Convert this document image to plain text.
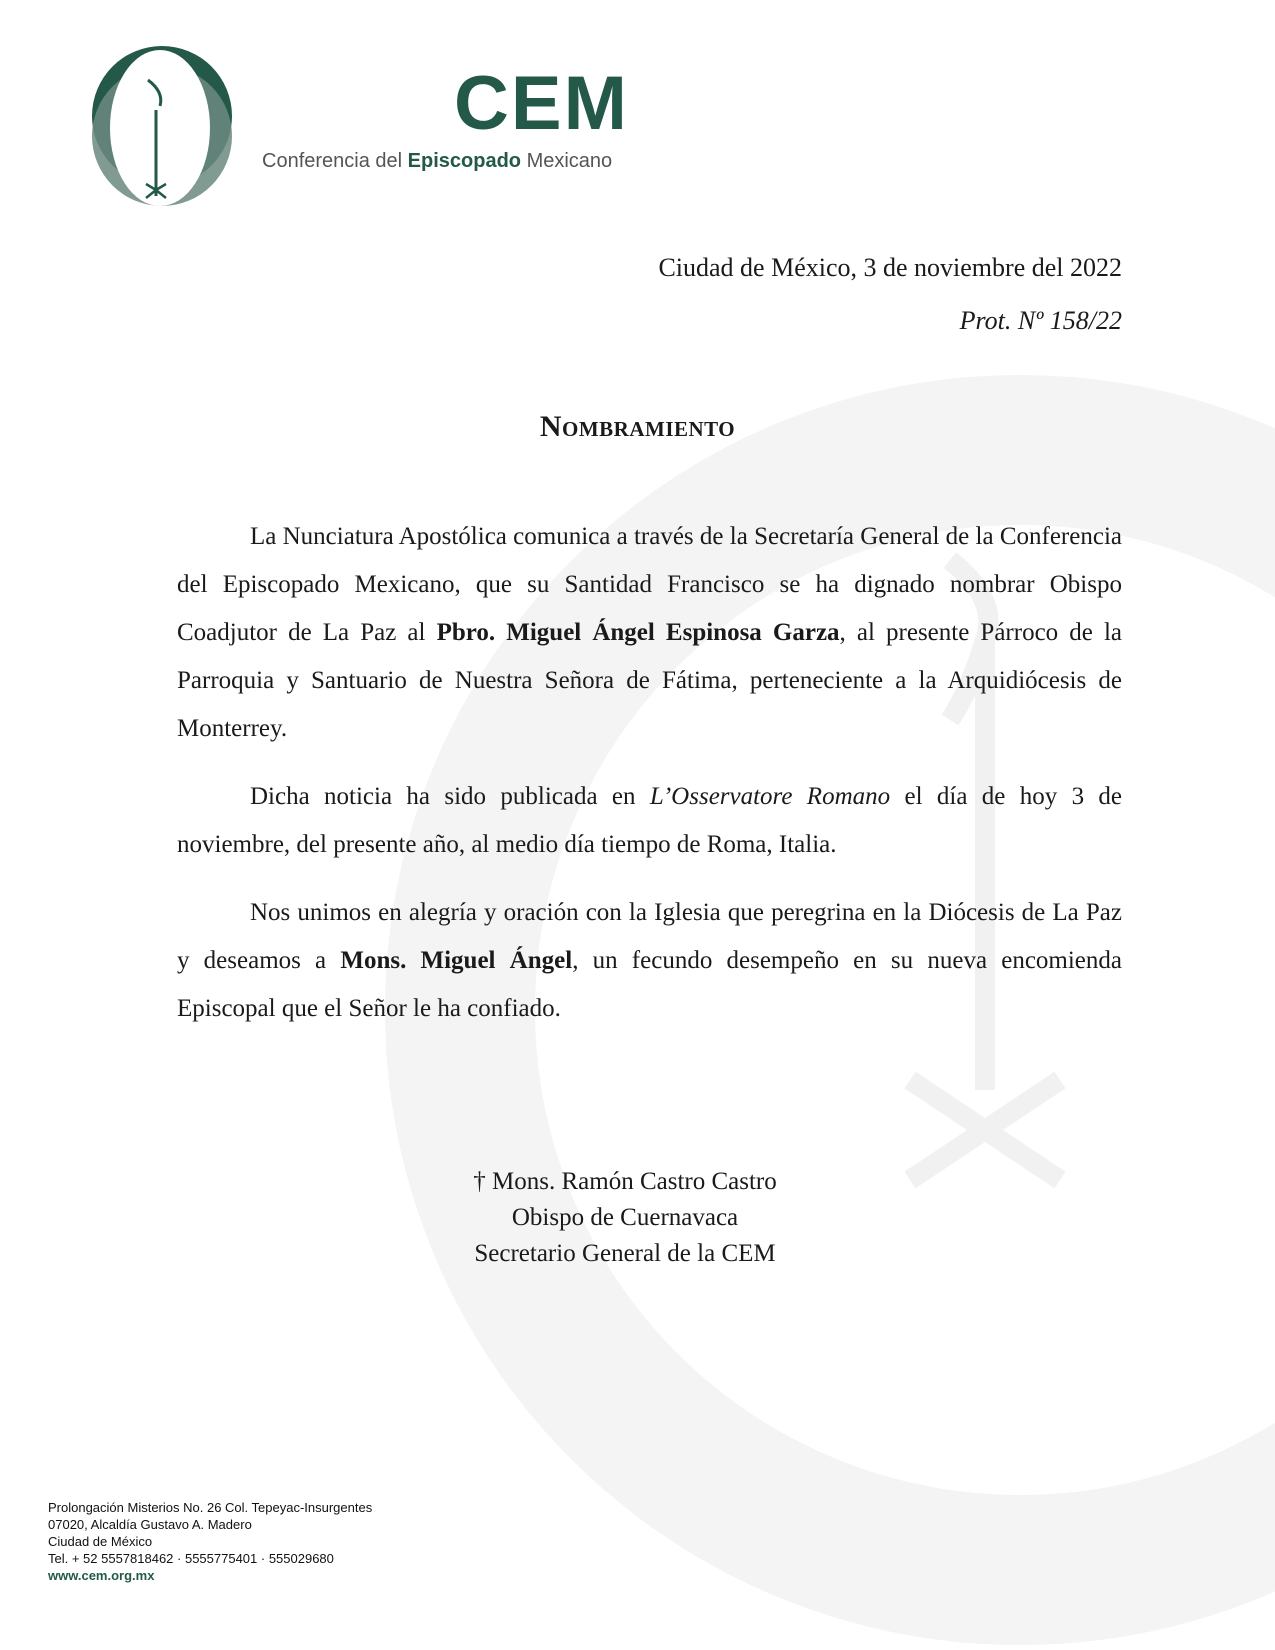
CEM
Conferencia del Episcopado Mexicano
Ciudad de México, 3 de noviembre del 2022
Prot. Nº 158/22
Nombramiento

La Nunciatura Apostólica comunica a través de la Secretaría General de la Conferencia del Episcopado Mexicano, que su Santidad Francisco se ha dignado nombrar Obispo Coadjutor de La Paz al Pbro. Miguel Ángel Espinosa Garza, al presente Párroco de la Parroquia y Santuario de Nuestra Señora de Fátima, perteneciente a la Arquidiócesis de Monterrey.

Dicha noticia ha sido publicada en L’Osservatore Romano el día de hoy 3 de noviembre, del presente año, al medio día tiempo de Roma, Italia.

Nos unimos en alegría y oración con la Iglesia que peregrina en la Diócesis de La Paz y deseamos a Mons. Miguel Ángel, un fecundo desempeño en su nueva encomienda Episcopal que el Señor le ha confiado.

† Mons. Ramón Castro Castro
Obispo de Cuernavaca
Secretario General de la CEM
Prolongación Misterios No. 26 Col. Tepeyac-Insurgentes
07020, Alcaldía Gustavo A. Madero
Ciudad de México
Tel. + 52 5557818462 · 5555775401 · 555029680
www.cem.org.mx
